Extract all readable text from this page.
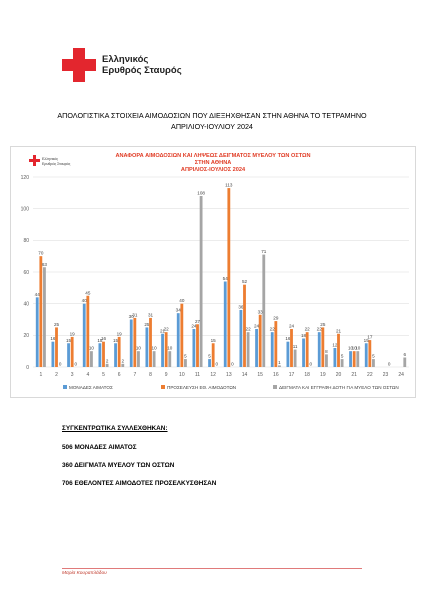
Ελληνικός
Ερυθρός Σταυρός
ΑΠΟΛΟΓΙΣΤΙΚΑ ΣΤΟΙΧΕΙΑ ΑΙΜΟΔΟΣΙΩΝ ΠΟΥ ΔΙΕΞΗΧΘΗΣΑΝ ΣΤΗΝ ΑΘΗΝΑ ΤΟ ΤΕΤΡΑΜΗΝΟ
ΑΠΡΙΛΙΟΥ-ΙΟΥΛΙΟΥ 2024
Ελληνικός
Ερυθρός Σταυρός
ΑΝΑΦΟΡΑ ΑΙΜΟΔΟΣΙΩΝ ΚΑΙ ΛΗΨΕΩΣ ΔΕΙΓΜΑΤΟΣ ΜΥΕΛΟΥ ΤΩΝ ΟΣΤΩΝ
ΣΤΗΝ ΑΘΗΝΑ
ΑΠΡΙΛΙΟΣ-ΙΟΥΛΙΟΣ 2024
0
20
40
60
80
100
120
1
44
70
63
2
16
25
0
3
15
19
0
4
40
45
10
5
15
16
2
6
15
19
2
7
30
31
10
8
25
31
10
9
21
22
10
10
34
40
5
11
24
27
108
12
5
15
0
13
54
113
0
14
36
52
22
15
24
33
71
16
22
29
1
17
16
24
11
18
18
22
0
19
22
25
8
20
12
21
5
21
10
10
10
22
15
17
5
23
0
24
6
ΜΟΝΑΔΕΣ ΑΙΜΑΤΟΣ	ΠΡΟΣΕΛΕΥΣΗ ΕΘ. ΑΙΜΟΔΟΤΩΝ	ΔΕΙΓΜΑΤΑ ΚΑΙ ΕΓΓΡΑΦΗ ΔΟΤΗ ΓΙΑ ΜΥΕΛΟ ΤΩΝ ΟΣΤΩΝ
ΣΥΓΚΕΝΤΡΩΤΙΚΑ ΣΥΛΛΕΧΘΗΚΑΝ:
506 ΜΟΝΑΔΕΣ ΑΙΜΑΤΟΣ
360 ΔΕΙΓΜΑΤΑ ΜΥΕΛΟΥ ΤΩΝ ΟΣΤΩΝ
706 ΕΘΕΛΟΝΤΕΣ ΑΙΜΟΔΟΤΕΣ ΠΡΟΣΕΛΚΥΣΘΗΣΑΝ
Μαρία Κουραπλάδου
